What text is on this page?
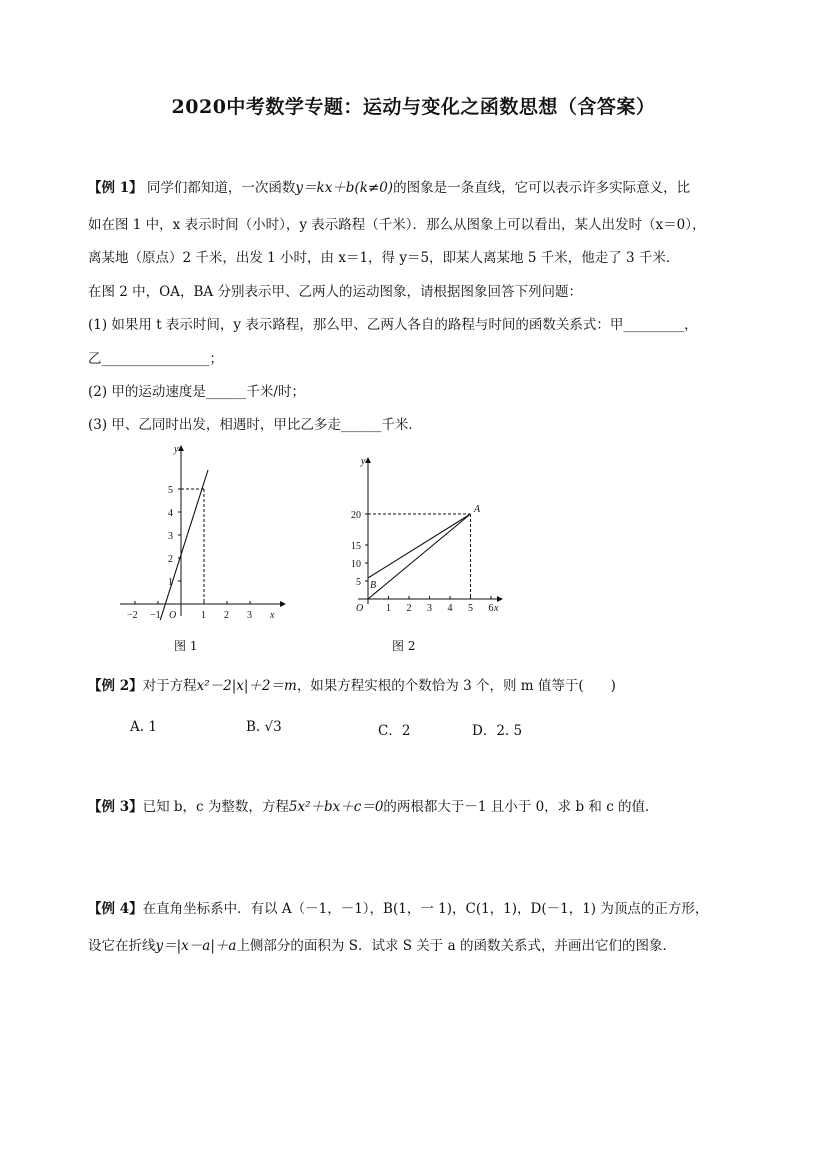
2020中考数学专题：运动与变化之函数思想（含答案）
【例 1】 同学们都知道，一次函数y＝kx＋b(k≠0)的图象是一条直线，它可以表示许多实际意义，比
如在图 1 中，x 表示时间（小时），y 表示路程（千米）．那么从图象上可以看出，某人出发时（x＝0），
离某地（原点）2 千米，出发 1 小时，由 x＝1，得 y＝5，即某人离某地 5 千米，他走了 3 千米．
在图 2 中，OA，BA 分别表示甲、乙两人的运动图象，请根据图象回答下列问题：
(1) 如果用 t 表示时间，y 表示路程，那么甲、乙两人各自的路程与时间的函数关系式：甲_________，
乙________________；
(2) 甲的运动速度是______千米/时；
(3) 甲、乙同时出发，相遇时，甲比乙多走______千米．
y
x
O
−2 −1	1 2 3
1
2
3
4
5
图 1
y
x
O
A
B
1 2 3 4 5 6
5
10
15
20
图 2
【例 2】对于方程x²－2|x|＋2＝m，如果方程实根的个数恰为 3 个，则 m 值等于(　　)
A. 1	B. √3	C．2	D．2. 5
【例 3】已知 b，c 为整数，方程5x²＋bx＋c＝0的两根都大于－1 且小于 0，求 b 和 c 的值．
【例 4】在直角坐标系中．有以 A（－1，－1），B(1，一 1)，C(1，1)，D(－1，1) 为顶点的正方形，
设它在折线y＝|x－a|＋a上侧部分的面积为 S．试求 S 关于 a 的函数关系式，并画出它们的图象．
